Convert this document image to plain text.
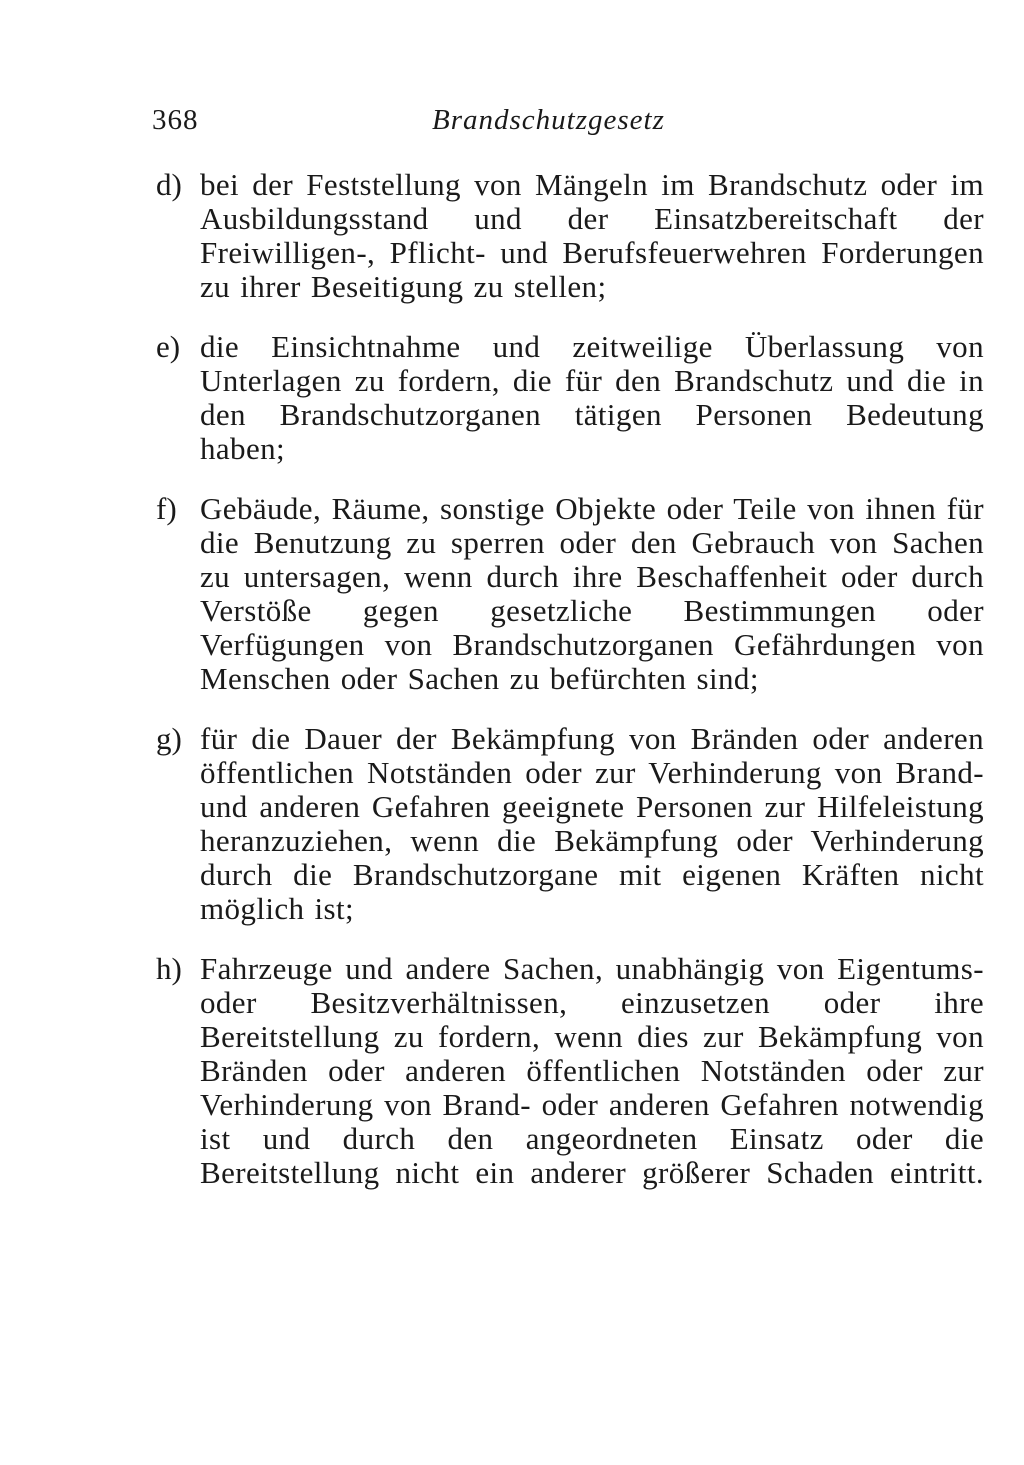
368	Brandschutzgesetz
d) bei der Feststellung von Mängeln im Brandschutz oder im Ausbildungsstand und der Einsatzbereitschaft der Freiwilligen-, Pflicht- und Berufsfeuerwehren Forderungen zu ihrer Beseitigung zu stellen;
e) die Einsichtnahme und zeitweilige Überlassung von Unterlagen zu fordern, die für den Brandschutz und die in den Brandschutzorganen tätigen Personen Bedeutung haben;
f) Gebäude, Räume, sonstige Objekte oder Teile von ihnen für die Benutzung zu sperren oder den Gebrauch von Sachen zu untersagen, wenn durch ihre Beschaffenheit oder durch Verstöße gegen gesetzliche Bestimmungen oder Verfügungen von Brandschutzorganen Gefährdungen von Menschen oder Sachen zu befürchten sind;
g) für die Dauer der Bekämpfung von Bränden oder anderen öffentlichen Notständen oder zur Verhinderung von Brand- und anderen Gefahren geeignete Personen zur Hilfeleistung heranzuziehen, wenn die Bekämpfung oder Verhinderung durch die Brandschutzorgane mit eigenen Kräften nicht möglich ist;
h) Fahrzeuge und andere Sachen, unabhängig von Eigentums- oder Besitzverhältnissen, einzusetzen oder ihre Bereitstellung zu fordern, wenn dies zur Bekämpfung von Bränden oder anderen öffentlichen Notständen oder zur Verhinderung von Brand- oder anderen Gefahren notwendig ist und durch den angeordneten Einsatz oder die Bereitstellung nicht ein anderer größerer Schaden eintritt.
